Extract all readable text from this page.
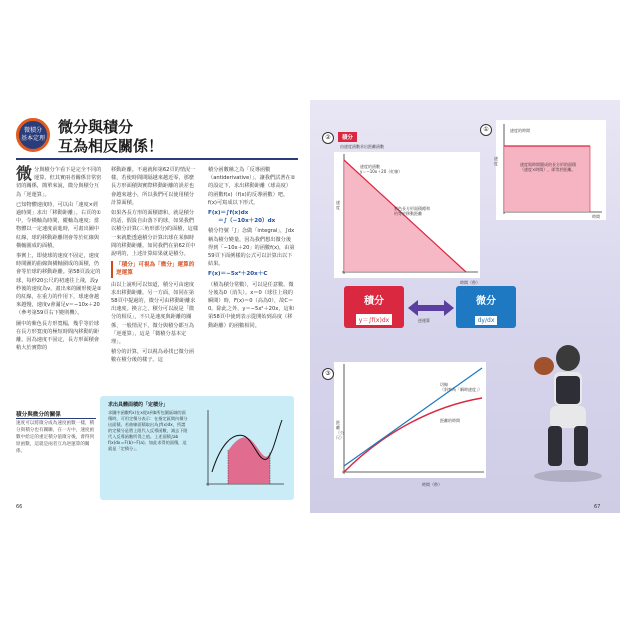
微積分
基本定理
微分與積分
互為相反關係！
微 分與積分乍看下是完全不同的運算，但其實兩者關係非常密切的關係，簡單來說，微分與積分互為「逆運算」。

已知物體速度時，可以由「速度×經過時間」求出「移動距離」。右頁的①中，令橫軸為時間，縱軸為速度；當物體以一定速度前進時，可畫出圖中紅線，球的移動距離則會等於紅線與橫軸圍成的面積。

事實上，即使球的速度不固定，速度時間圖的曲線與橫軸圍成的面積，仍會等於球的移動距離。第58頁設定的球，每秒20公尺的初速往上飛，設y秒後的速度為v。畫出來的圖形便是②的紅線，在重力的作用下，球速會越來越慢，速度v會滿足v＝−10x＋20（參考第59頁右下變則機）。

圖中的紫色長方形寬幅，幾乎等於球在長方形寬度的極短時間內移動的距離。因為速度不固定，長方形面積會稍大於實際的

移動距離。不過就和第62頁的情況一樣，若使時間間隔越來越近零，那麼長方形面積與實際移動距離的誤差也會越來越小，所以我們可以使用積分計算面積。

如果各長方形的面積總和，就是積分的話，假設自由落下的球，如果我們以積分計算(三角形部分)的面積，這樣一來就能透過積分計算出球在某個時間的移動距離。如同我們在第62頁中說明的，上述計算結果就是積分。

「積分」可視為「微分」運算的逆運算

由以上說明可以知道，積分可由速度求出移動距離。另一方面，如同在第58頁中提過的，微分可由移動距離求出速度。換言之，積分可以說是「微分的相反」，不只是速度與距離的關係，一般情況下，微分與積分都互為「逆運算」，這是「微積分基本定理」。

積分的計算，可以視為尋找已微分函數在積分後的樣子。這

積分函數稱之為「反導函數（antiderivative）」。讓我們試著在②的設定下，求出移動距離（球高度）的函數f(x)（f(x)的反導函數）吧。f(x)可寫成以下形式。

F(x)＝∫f(x)dx
＝∫（−10x＋20）dx

積分符號「∫」念做「integral」，∫dx稱為積分變量，因為我們想出微分後得到「−10x＋20」的函數f(x)，由第59頁下面例樣的公式可以計算出以下結果。

F(x)＝−5x²＋20x＋C

（積為積分常數），可以是任意數。微分後為0（消失）。x＝0（球往上飛的瞬間）時，F(x)＝0（高為0），故C＝0。除此之外，y＝−5x²＋20x，這和第58頁中使到表示從開始到高度（移動距離）的函數相同。

積分與微分的關係
速度可以將微分成為速度函數一樣，積分與積分也有關聯，在一方中，速度函數中給定的重定積分值微分後，會得到原函數，這就是兩者互為逆運算的關係。
求出具體面積的「定積分」
求圖中函數f(x)在x從a到b所包圍區域的面積時，可用定積分表示：在指定區間內積分出面積。若曲線面積取出為∫f(x)dx，所謂的定積分是將上限代入反導函數，減去下限代入反導函數所得之值。上述面積∫ab f(x)dx＝F(b)−F(a)。如此求得的面積，這就是「定積分」。
66
①	速度的時間
速度與時間圍成的長方形的面積（速度×時間），即等於距離。
時間
速度
②	積分
由速度函數求出距離函數
速度的函數
y＝−10x＋20（紅線）
紫色長方形面積總和
約等於移動距離
速度
時間（秒）
積分
y＝∫f(x)dx	逆運算
微分
dy/dx
③
切線
（斜率為「瞬時速度」）
距離的時間
距離（公尺）
時間（秒）
67
